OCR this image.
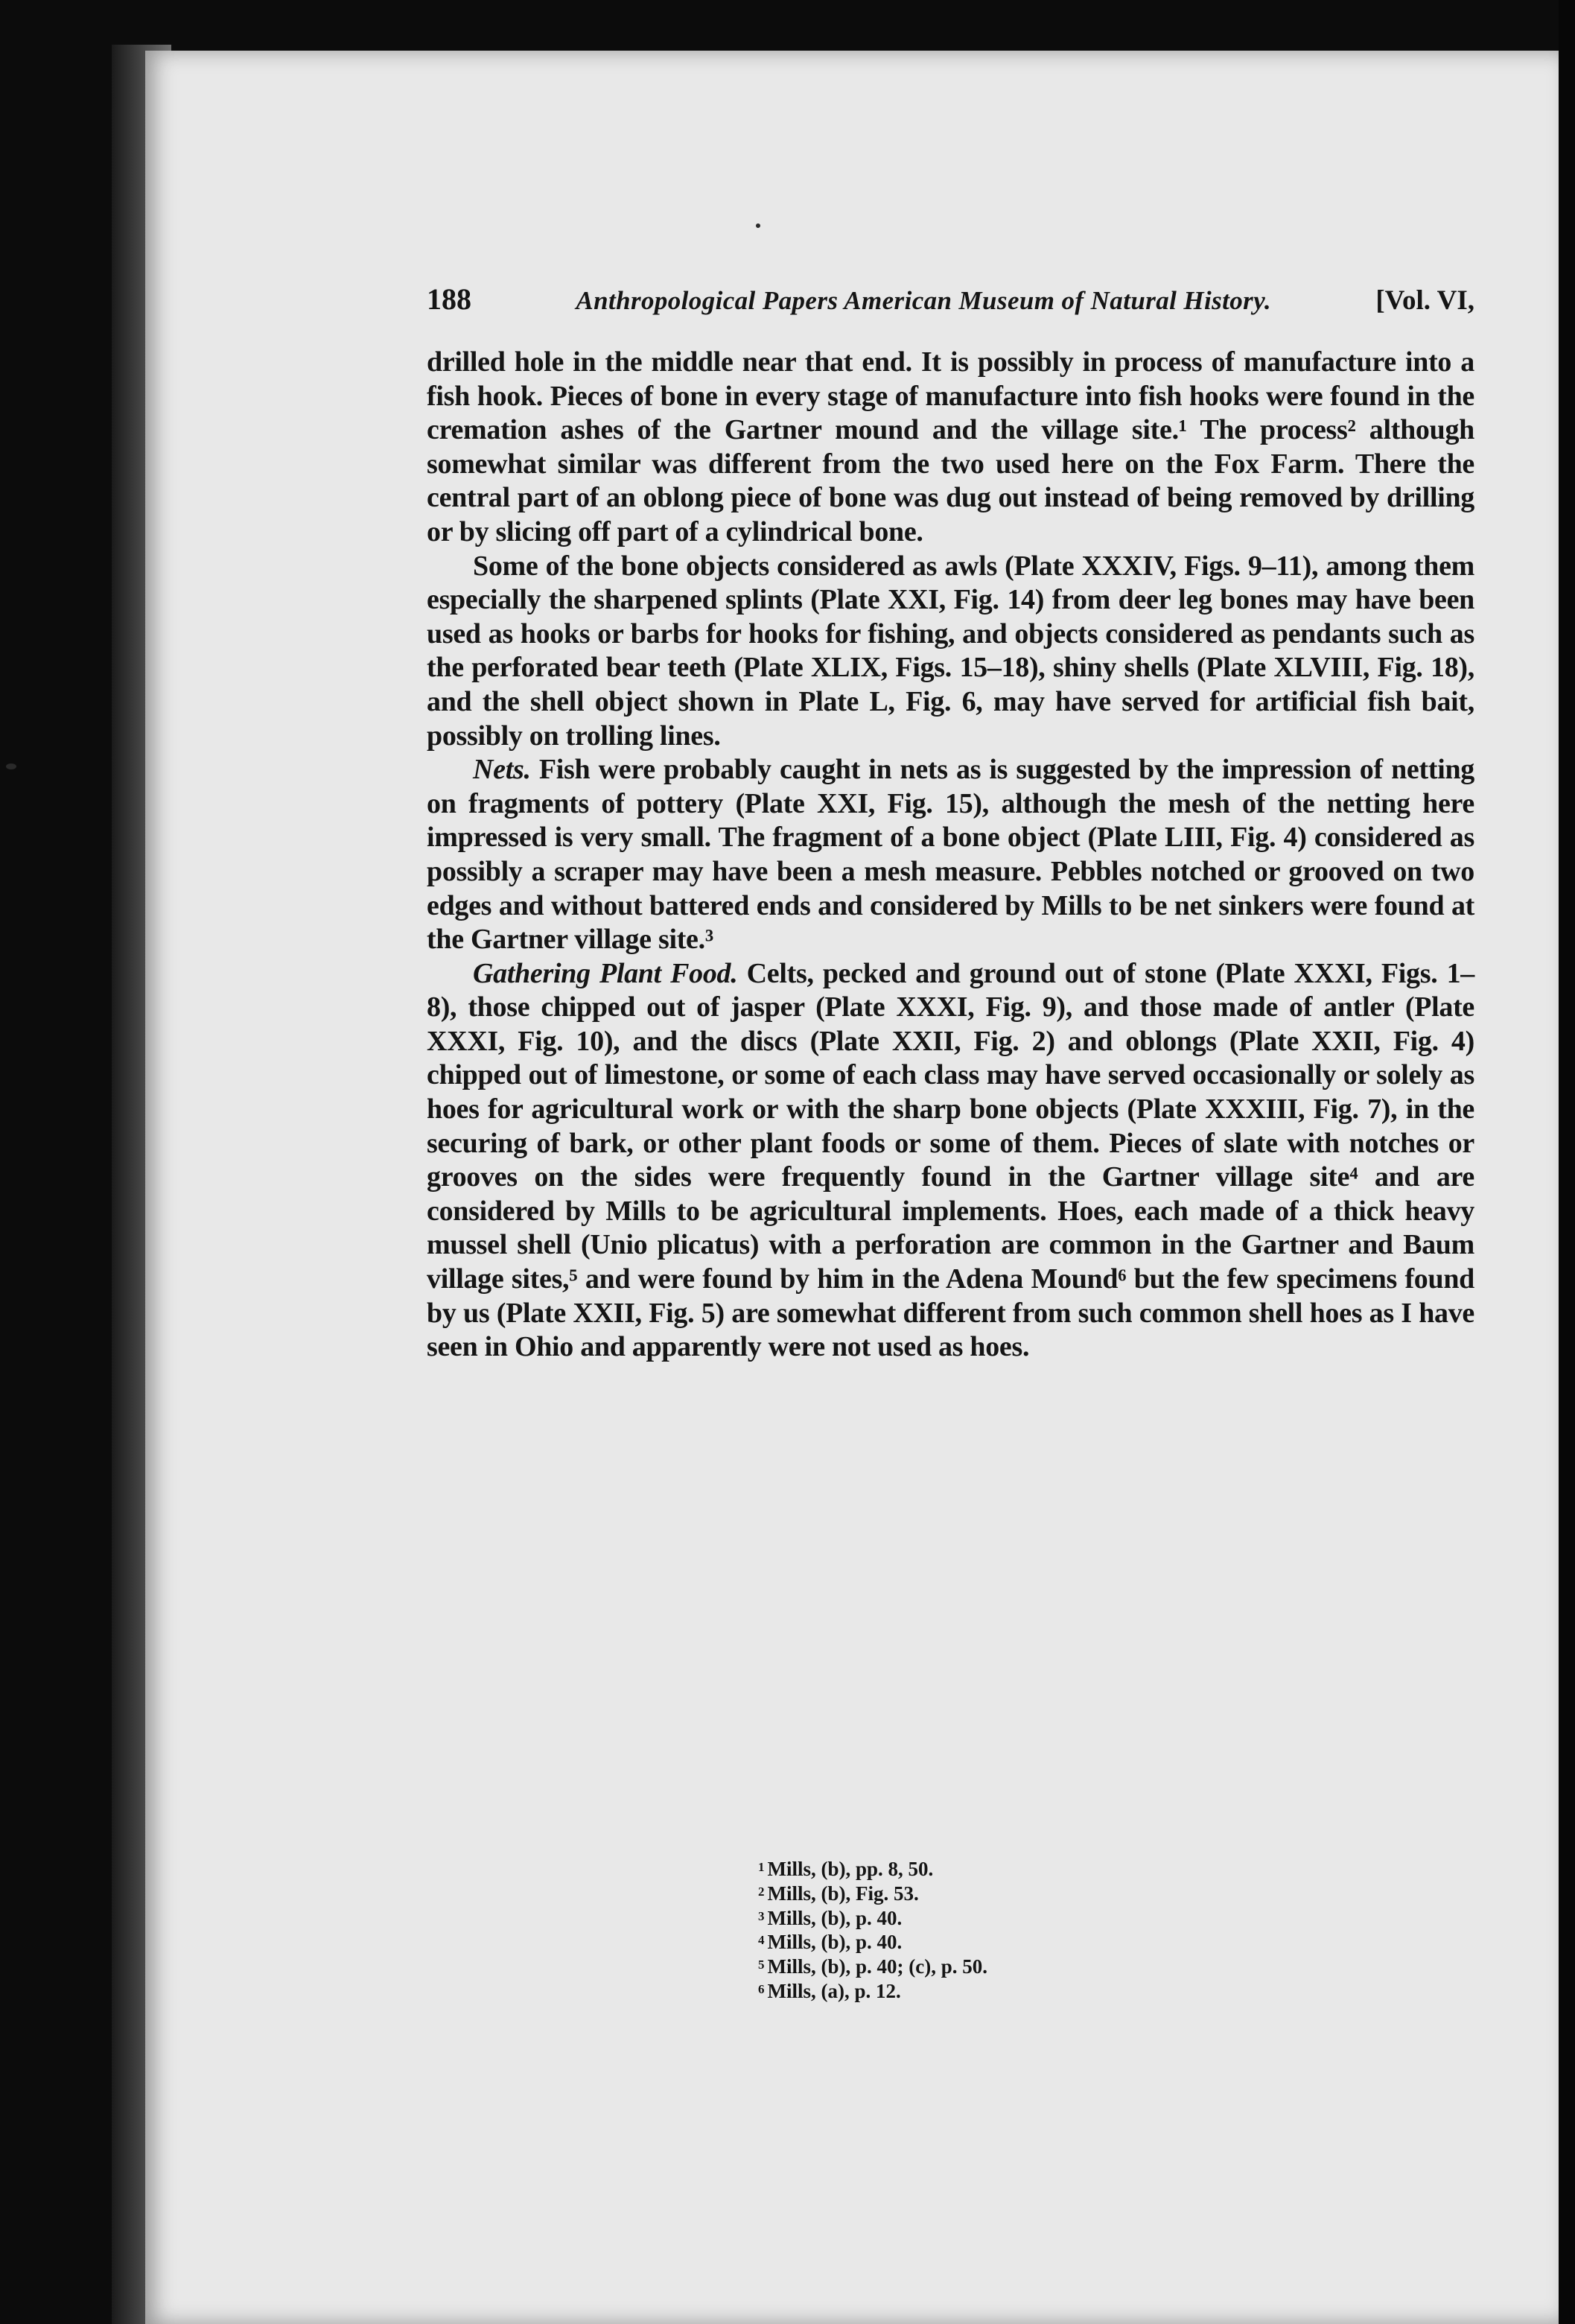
188	Anthropological Papers American Museum of Natural History.	[Vol. VI,

drilled hole in the middle near that end. It is possibly in process of manufacture into a fish hook. Pieces of bone in every stage of manufacture into fish hooks were found in the cremation ashes of the Gartner mound and the village site.¹ The process² although somewhat similar was different from the two used here on the Fox Farm. There the central part of an oblong piece of bone was dug out instead of being removed by drilling or by slicing off part of a cylindrical bone.

Some of the bone objects considered as awls (Plate XXXIV, Figs. 9–11), among them especially the sharpened splints (Plate XXI, Fig. 14) from deer leg bones may have been used as hooks or barbs for hooks for fishing, and objects considered as pendants such as the perforated bear teeth (Plate XLIX, Figs. 15–18), shiny shells (Plate XLVIII, Fig. 18), and the shell object shown in Plate L, Fig. 6, may have served for artificial fish bait, possibly on trolling lines.

Nets. Fish were probably caught in nets as is suggested by the impression of netting on fragments of pottery (Plate XXI, Fig. 15), although the mesh of the netting here impressed is very small. The fragment of a bone object (Plate LIII, Fig. 4) considered as possibly a scraper may have been a mesh measure. Pebbles notched or grooved on two edges and without battered ends and considered by Mills to be net sinkers were found at the Gartner village site.³

Gathering Plant Food. Celts, pecked and ground out of stone (Plate XXXI, Figs. 1–8), those chipped out of jasper (Plate XXXI, Fig. 9), and those made of antler (Plate XXXI, Fig. 10), and the discs (Plate XXII, Fig. 2) and oblongs (Plate XXII, Fig. 4) chipped out of limestone, or some of each class may have served occasionally or solely as hoes for agricultural work or with the sharp bone objects (Plate XXXIII, Fig. 7), in the securing of bark, or other plant foods or some of them. Pieces of slate with notches or grooves on the sides were frequently found in the Gartner village site⁴ and are considered by Mills to be agricultural implements. Hoes, each made of a thick heavy mussel shell (Unio plicatus) with a perforation are common in the Gartner and Baum village sites,⁵ and were found by him in the Adena Mound⁶ but the few specimens found by us (Plate XXII, Fig. 5) are somewhat different from such common shell hoes as I have seen in Ohio and apparently were not used as hoes.

$^1$ Mills, (b), pp. 8, 50.
$^2$ Mills, (b), Fig. 53.
$^3$ Mills, (b), p. 40.
$^4$ Mills, (b), p. 40.
$^5$ Mills, (b), p. 40; (c), p. 50.
$^6$ Mills, (a), p. 12.
